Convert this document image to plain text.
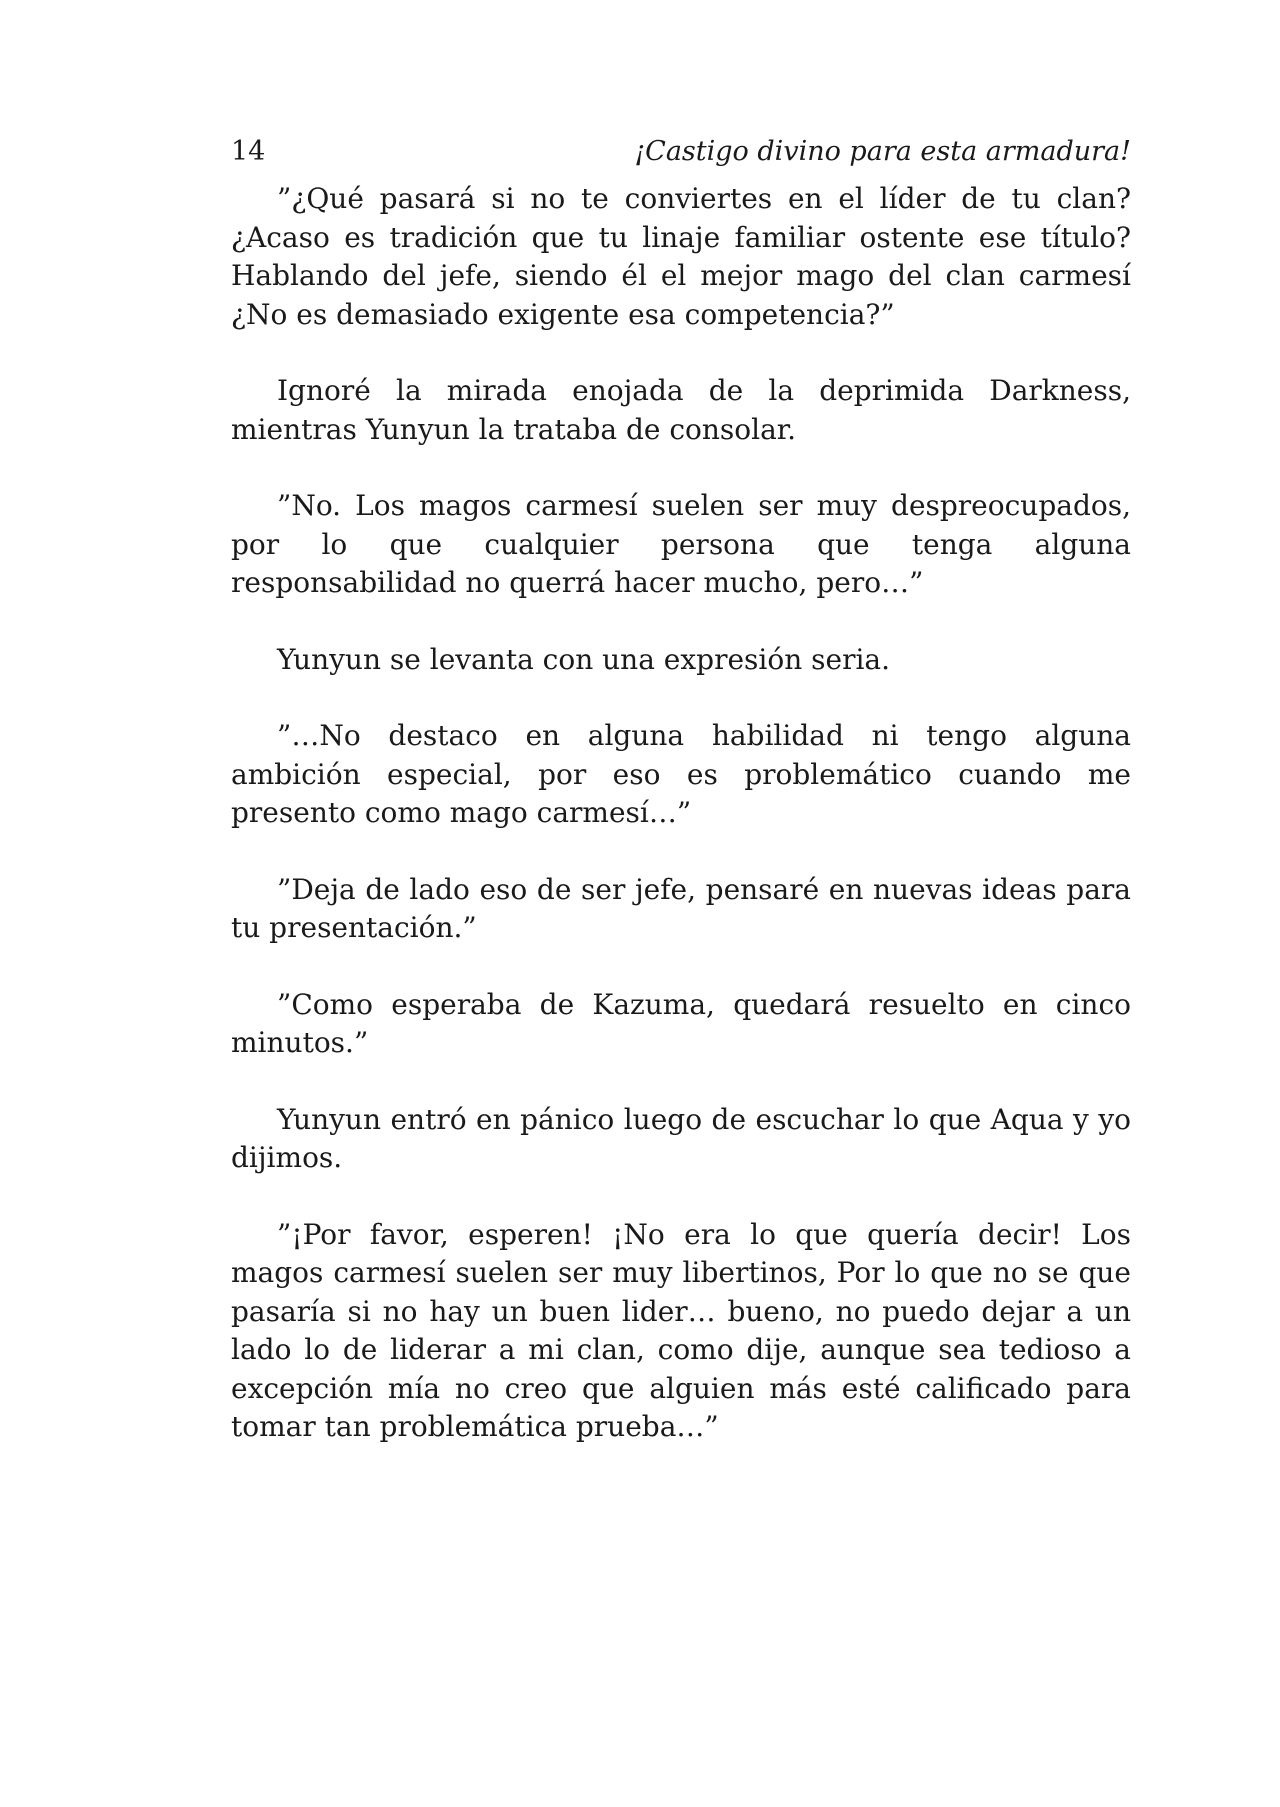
14	¡Castigo divino para esta armadura!

”¿Qué pasará si no te conviertes en el líder de tu clan? ¿Acaso es tradición que tu linaje familiar ostente ese título? Hablando del jefe, siendo él el mejor mago del clan carmesí ¿No es demasiado exigente esa competencia?”

Ignoré la mirada enojada de la deprimida Darkness, mientras Yunyun la trataba de consolar.

”No. Los magos carmesí suelen ser muy despreocupados, por lo que cualquier persona que tenga alguna responsabilidad no querrá hacer mucho, pero…”

Yunyun se levanta con una expresión seria.

”…No destaco en alguna habilidad ni tengo alguna ambición especial, por eso es problemático cuando me presento como mago carmesí…”

”Deja de lado eso de ser jefe, pensaré en nuevas ideas para tu presentación.”

”Como esperaba de Kazuma, quedará resuelto en cinco minutos.”

Yunyun entró en pánico luego de escuchar lo que Aqua y yo dijimos.

”¡Por favor, esperen! ¡No era lo que quería decir! Los magos carmesí suelen ser muy libertinos, Por lo que no se que pasaría si no hay un buen lider… bueno, no puedo dejar a un lado lo de liderar a mi clan, como dije, aunque sea tedioso a excepción mía no creo que alguien más esté calificado para tomar tan problemática prueba…”
